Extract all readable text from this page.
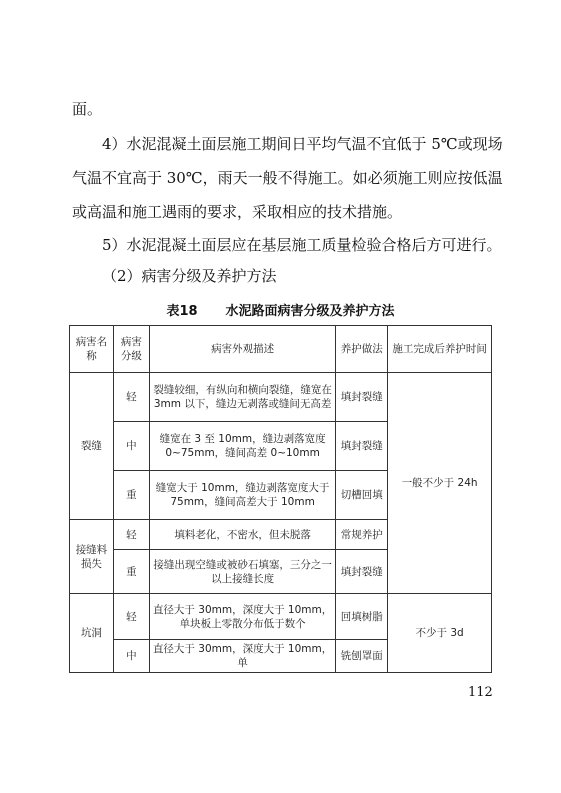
面。
4）水泥混凝土面层施工期间日平均气温不宜低于 5℃或现场
气温不宜高于 30℃，雨天一般不得施工。如必须施工则应按低温
或高温和施工遇雨的要求，采取相应的技术措施。
5）水泥混凝土面层应在基层施工质量检验合格后方可进行。
（2）病害分级及养护方法
表18 水泥路面病害分级及养护方法
病害名称	病害分级	病害外观描述	养护做法	施工完成后养护时间
裂缝	轻	裂缝较细，有纵向和横向裂缝，缝宽在3mm 以下，缝边无剥落或缝间无高差	填封裂缝	一般不少于 24h
	中	缝宽在 3 至 10mm，缝边剥落宽度 0~75mm，缝间高差 0~10mm	填封裂缝	
	重	缝宽大于 10mm，缝边剥落宽度大于 75mm，缝间高差大于 10mm	切槽回填	
接缝料损失	轻	填料老化，不密水，但未脱落	常规养护	
	重	接缝出现空缝或被砂石填塞，三分之一以上接缝长度	填封裂缝	
坑洞	轻	直径大于 30mm，深度大于 10mm，单块板上零散分布低于数个	回填树脂	不少于 3d
	中	直径大于 30mm，深度大于 10mm，单	铣刨罩面	
112
